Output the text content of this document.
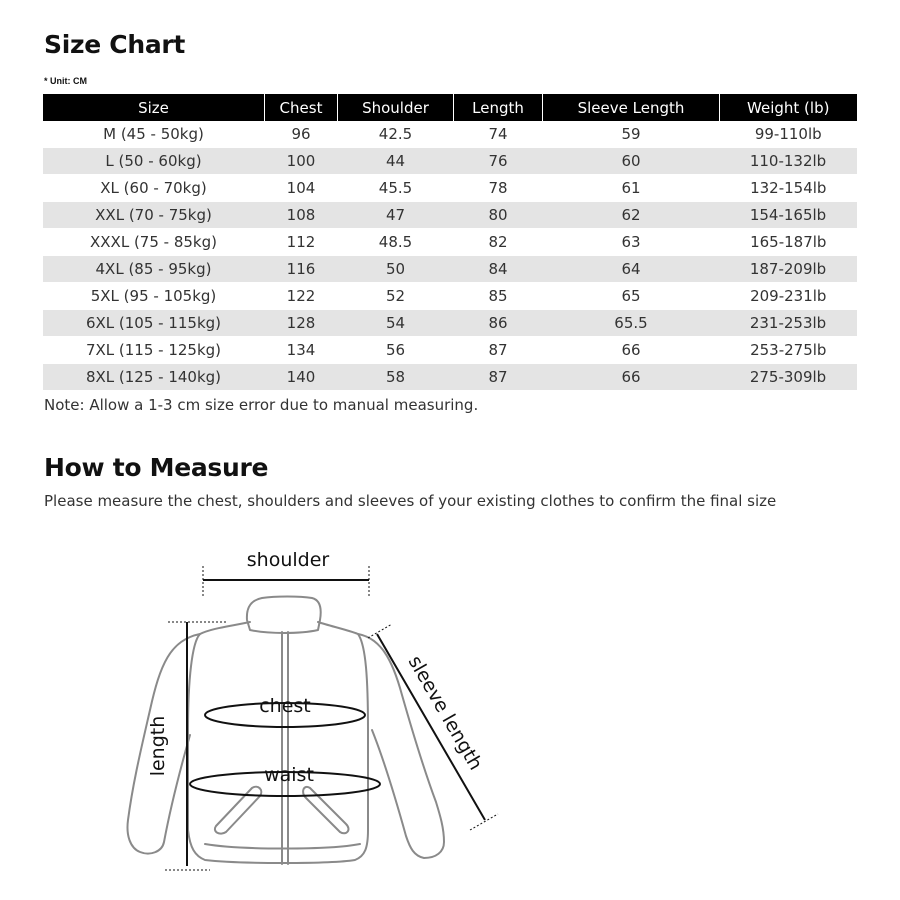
Size Chart
* Unit: CM
Size	Chest	Shoulder	Length	Sleeve Length	Weight (lb)
M (45 - 50kg)	96	42.5	74	59	99-110lb
L (50 - 60kg)	100	44	76	60	110-132lb
XL (60 - 70kg)	104	45.5	78	61	132-154lb
XXL (70 - 75kg)	108	47	80	62	154-165lb
XXXL (75 - 85kg)	112	48.5	82	63	165-187lb
4XL (85 - 95kg)	116	50	84	64	187-209lb
5XL (95 - 105kg)	122	52	85	65	209-231lb
6XL (105 - 115kg)	128	54	86	65.5	231-253lb
7XL (115 - 125kg)	134	56	87	66	253-275lb
8XL (125 - 140kg)	140	58	87	66	275-309lb
Note: Allow a 1-3 cm size error due to manual measuring.
How to Measure
Please measure the chest, shoulders and sleeves of your existing clothes to confirm the final size
shoulder
chest
waist
length	sleeve length
